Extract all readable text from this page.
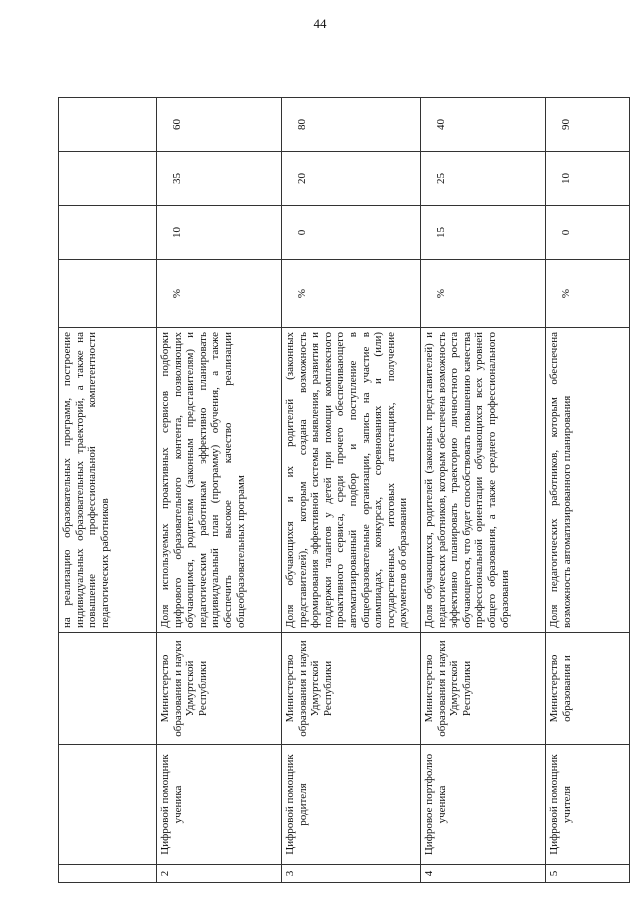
44
			на реализацию образовательных программ, построение индивидуальных образовательных траекторий, а также на повышение профессиональной компетентности педагогических работников				
2	Цифровой помощник ученика	Министерство образования и науки Удмуртской Республики	Доля используемых проактивных сервисов подборки цифрового образовательного контента, позволяющих обучающимся, родителям (законным представителям) и педагогическим работникам эффективно планировать индивидуальный план (программу) обучения, а также обеспечить высокое качество реализации общеобразовательных программ	%	10	35	60
3	Цифровой помощник родителя	Министерство образования и науки Удмуртской Республики	Доля обучающихся и их родителей (законных представителей), которым создана возможность формирования эффективной системы выявления, развития и поддержки талантов у детей при помощи комплексного проактивного сервиса, среди прочего обеспечивающего автоматизированный подбор и поступление в общеобразовательные организации, запись на участие в олимпиадах, конкурсах, соревнованиях и (или) государственных итоговых аттестациях, получение документов об образовании	%	0	20	80
4	Цифровое портфолио ученика	Министерство образования и науки Удмуртской Республики	Доля обучающихся, родителей (законных представителей) и педагогических работников, которым обеспечена возможность эффективно планировать траекторию личностного роста обучающегося, что будет способствовать повышению качества профессиональной ориентации обучающихся всех уровней общего образования, а также среднего профессионального образования	%	15	25	40
5	Цифровой помощник учителя	Министерство образования и	Доля педагогических работников, которым обеспечена возможность автоматизированного планирования	%	0	10	90
